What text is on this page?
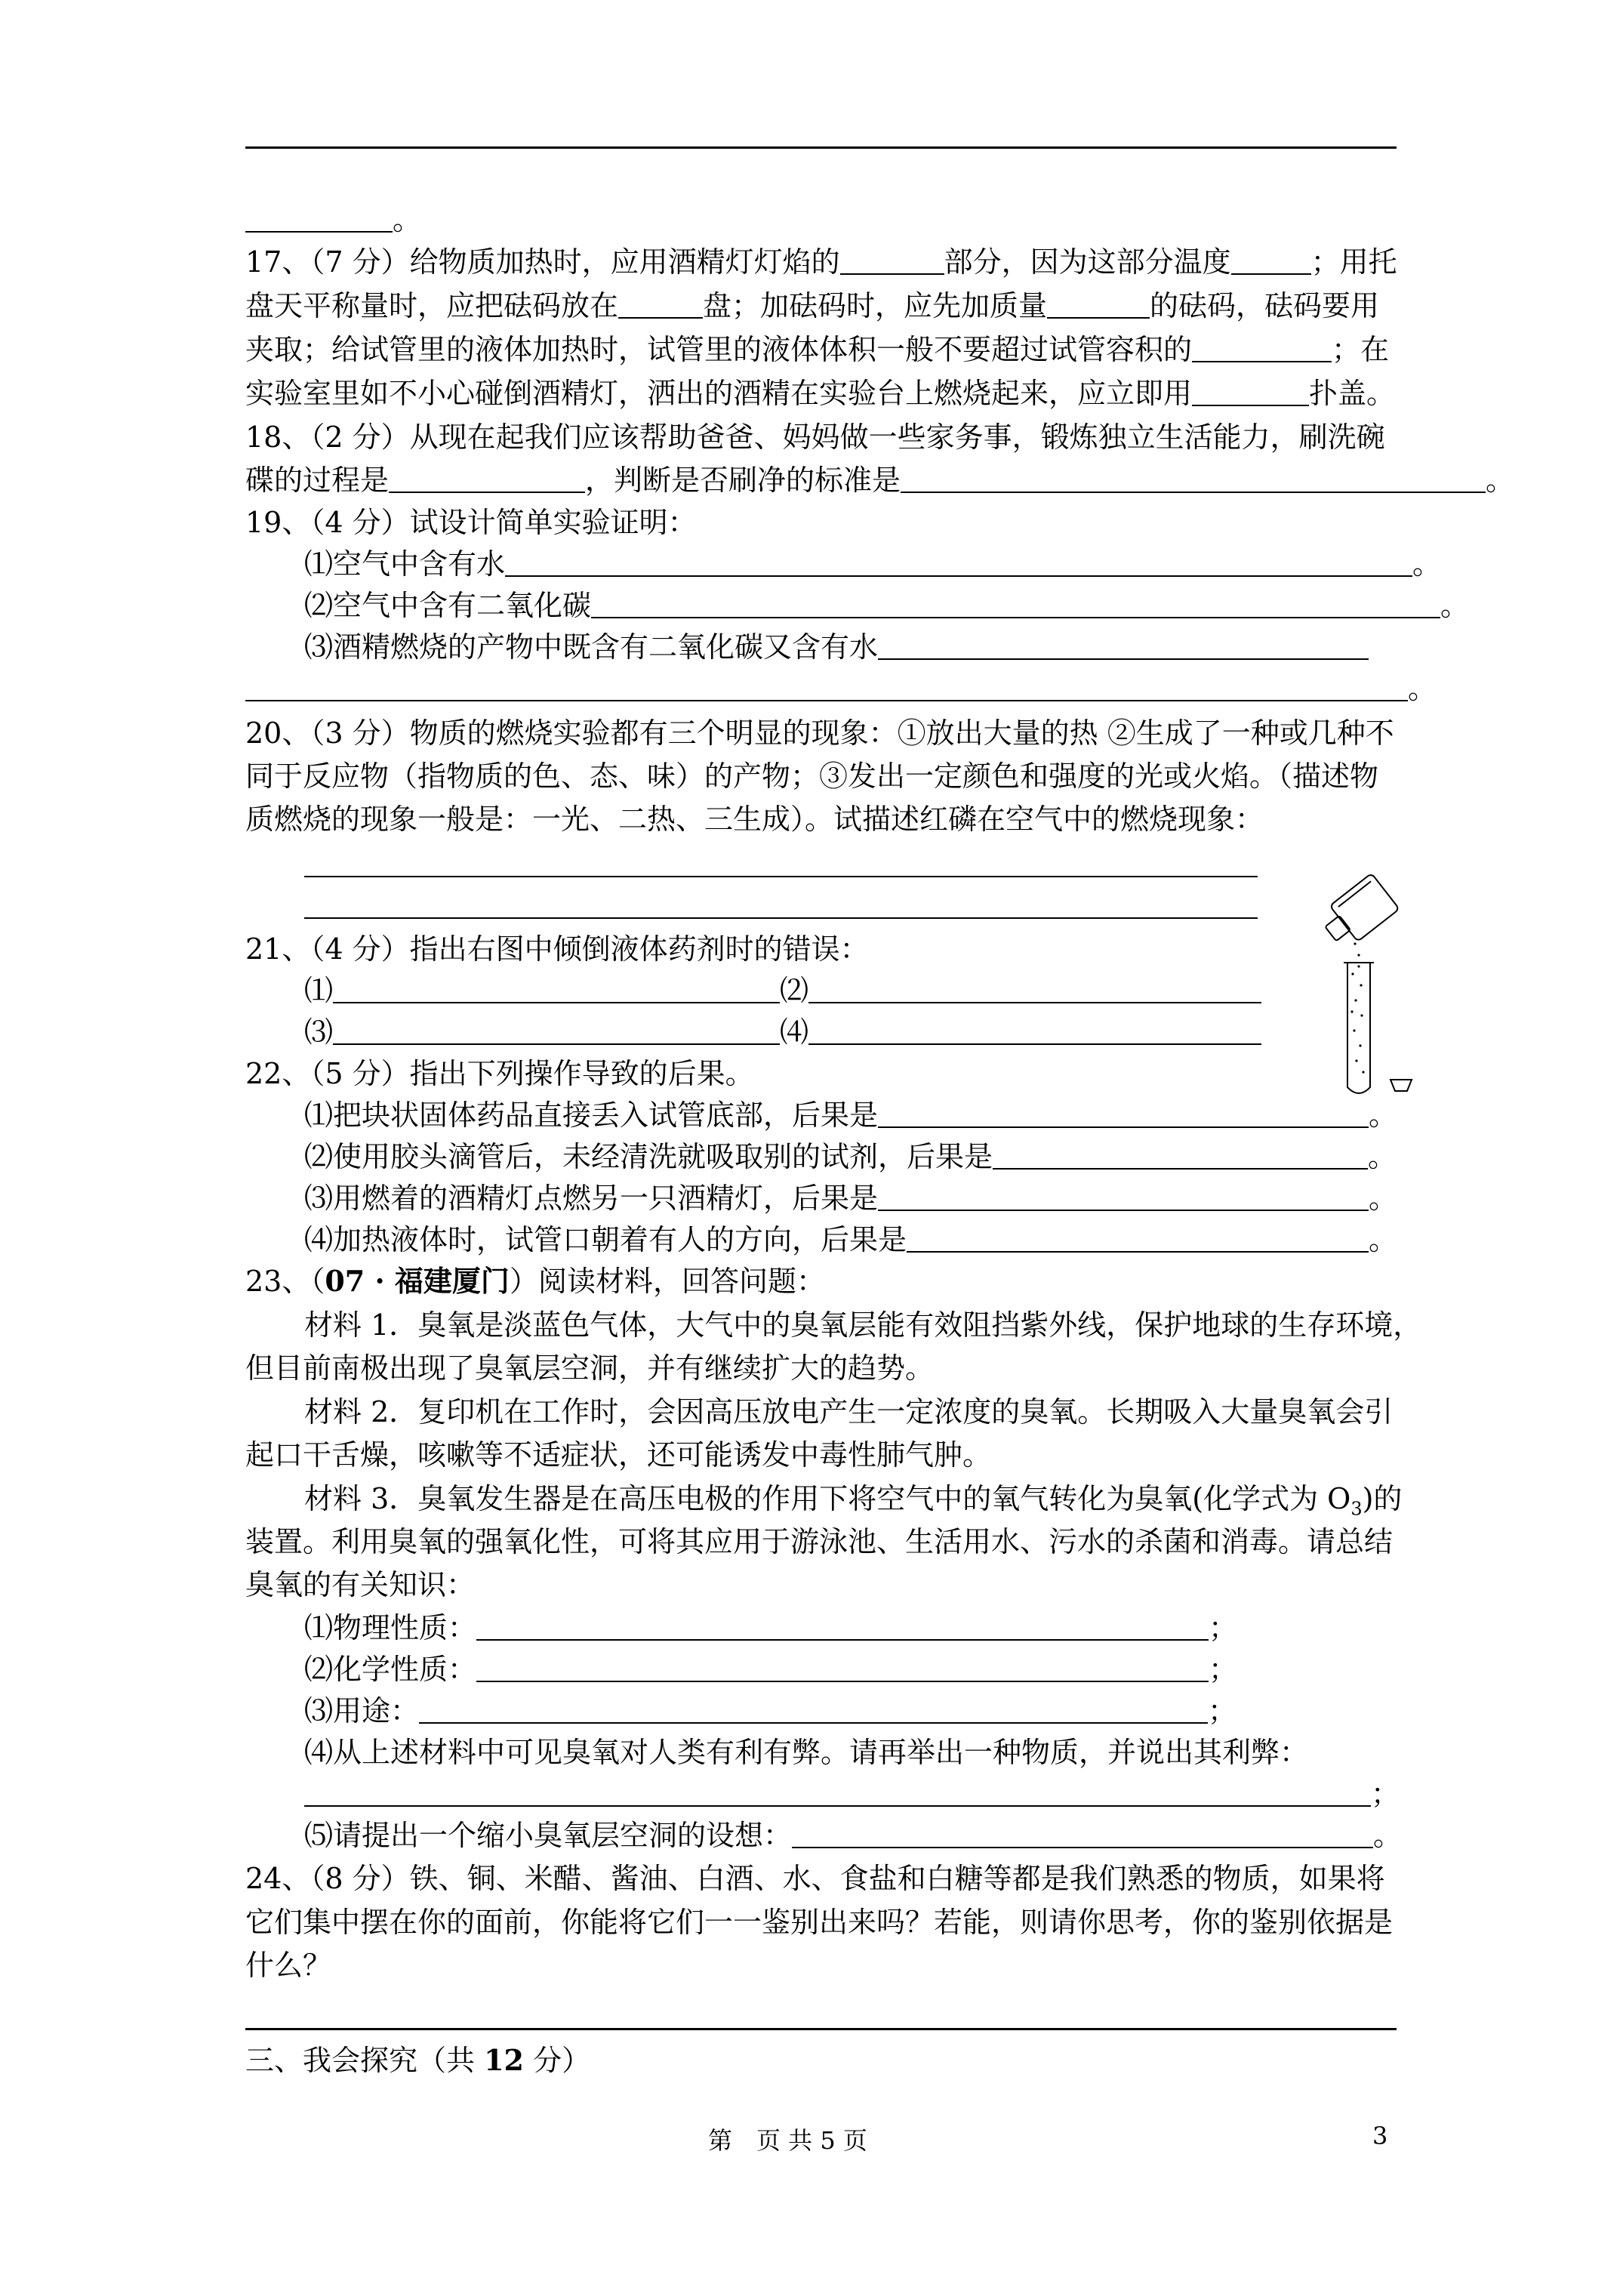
。
17、（7 分）给物质加热时，应用酒精灯灯焰的	部分，因为这部分温度	；用托
盘天平称量时，应把砝码放在	盘；加砝码时，应先加质量	的砝码，砝码要用
夹取；给试管里的液体加热时，试管里的液体体积一般不要超过试管容积的	；在
实验室里如不小心碰倒酒精灯，洒出的酒精在实验台上燃烧起来，应立即用	扑盖。
18、（2 分）从现在起我们应该帮助爸爸、妈妈做一些家务事，锻炼独立生活能力，刷洗碗
碟的过程是	，判断是否刷净的标准是	。
19、（4 分）试设计简单实验证明：
⑴空气中含有水	。
⑵空气中含有二氧化碳	。
⑶酒精燃烧的产物中既含有二氧化碳又含有水
。
20、（3 分）物质的燃烧实验都有三个明显的现象：①放出大量的热 ②生成了一种或几种不
同于反应物（指物质的色、态、味）的产物；③发出一定颜色和强度的光或火焰。（描述物
质燃烧的现象一般是：一光、二热、三生成）。试描述红磷在空气中的燃烧现象：
21、（4 分）指出右图中倾倒液体药剂时的错误：
⑴	⑵
⑶	⑷
22、（5 分）指出下列操作导致的后果。
⑴把块状固体药品直接丢入试管底部，后果是	。
⑵使用胶头滴管后，未经清洗就吸取别的试剂，后果是	。
⑶用燃着的酒精灯点燃另一只酒精灯，后果是	。
⑷加热液体时，试管口朝着有人的方向，后果是	。
23、（07 · 福建厦门）阅读材料，回答问题：
材料 1．臭氧是淡蓝色气体，大气中的臭氧层能有效阻挡紫外线，保护地球的生存环境，
但目前南极出现了臭氧层空洞，并有继续扩大的趋势。
材料 2．复印机在工作时，会因高压放电产生一定浓度的臭氧。长期吸入大量臭氧会引
起口干舌燥，咳嗽等不适症状，还可能诱发中毒性肺气肿。
材料 3．臭氧发生器是在高压电极的作用下将空气中的氧气转化为臭氧(化学式为 $O_3$)的
装置。利用臭氧的强氧化性，可将其应用于游泳池、生活用水、污水的杀菌和消毒。请总结
臭氧的有关知识：
⑴物理性质：	；
⑵化学性质：	；
⑶用途：	；
⑷从上述材料中可见臭氧对人类有利有弊。请再举出一种物质，并说出其利弊：
；
⑸请提出一个缩小臭氧层空洞的设想：	。
24、（8 分）铁、铜、米醋、酱油、白酒、水、食盐和白糖等都是我们熟悉的物质，如果将
它们集中摆在你的面前，你能将它们一一鉴别出来吗？若能，则请你思考，你的鉴别依据是
什么？
三、我会探究（共 12 分）
第　页 共 5 页	3
